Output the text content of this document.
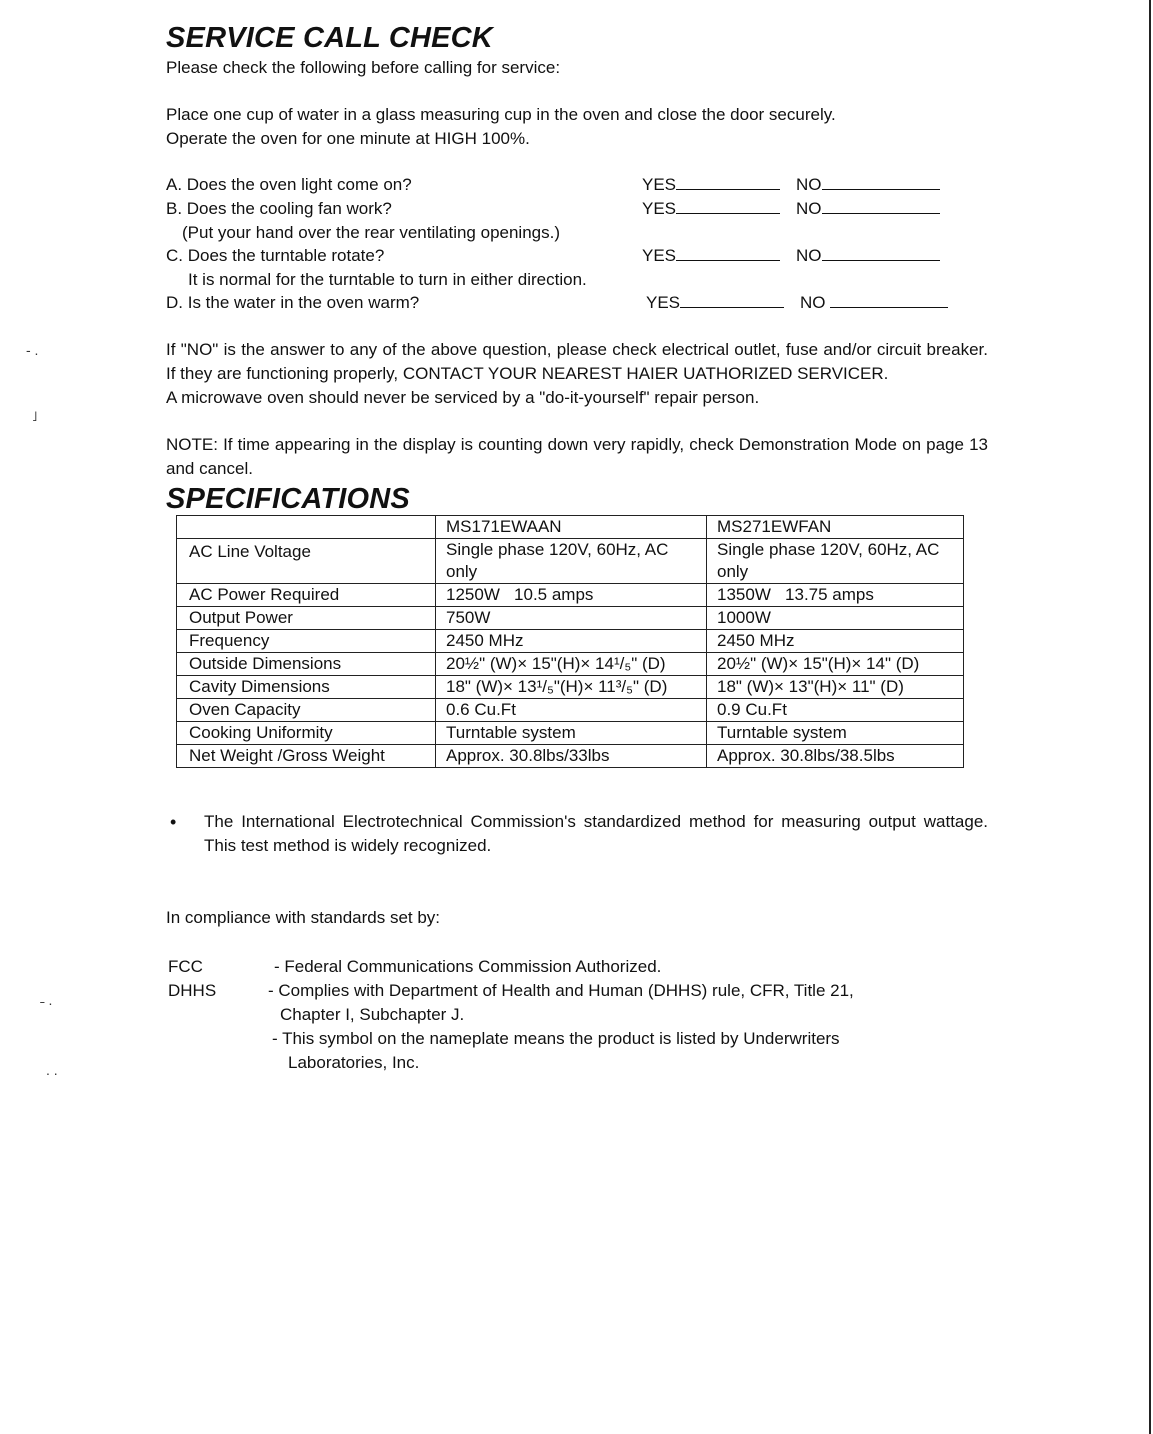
- .
˩
˗ .
. .
SERVICE CALL CHECK

Please check the following before calling for service:

Place one cup of water in a glass measuring cup in the oven and close the door securely.

Operate the oven for one minute at HIGH 100%.

A. Does the oven light come on?	YES	NO
B. Does the cooling fan work?	YES	NO
(Put your hand over the rear ventilating openings.)
C. Does the turntable rotate?	YES	NO
It is normal for the turntable to turn in either direction.
D. Is the water in the oven warm?	YES	NO

If "NO" is the answer to any of the above question, please check electrical outlet, fuse and/or circuit breaker. If they are functioning properly, CONTACT YOUR NEAREST HAIER UATHORIZED SERVICER.

A microwave oven should never be serviced by a "do-it-yourself" repair person.

NOTE: If time appearing in the display is counting down very rapidly, check Demonstration Mode on page 13 and cancel.

SPECIFICATIONS
	MS171EWAAN	MS271EWFAN
AC Line Voltage	Single phase 120V, 60Hz, AC only	Single phase 120V, 60Hz, AC only
AC Power Required	1250W   10.5 amps	1350W   13.75 amps
Output Power	750W	1000W
Frequency	2450 MHz	2450 MHz
Outside Dimensions	20½" (W)× 15"(H)× 14¹/₅" (D)	20½" (W)× 15"(H)× 14" (D)
Cavity Dimensions	18" (W)× 13¹/₅"(H)× 11³/₅" (D)	18" (W)× 13"(H)× 11" (D)
Oven Capacity	0.6 Cu.Ft	0.9 Cu.Ft
Cooking Uniformity	Turntable system	Turntable system
Net Weight /Gross Weight	Approx. 30.8lbs/33lbs	Approx. 30.8lbs/38.5lbs
• The International Electrotechnical Commission's standardized method for measuring output wattage. This test method is widely recognized.

In compliance with standards set by:

FCC	- Federal Communications Commission Authorized.
DHHS	- Complies with Department of Health and Human (DHHS) rule, CFR, Title 21,
Chapter I, Subchapter J.
- This symbol on the nameplate means the product is listed by Underwriters
Laboratories, Inc.
